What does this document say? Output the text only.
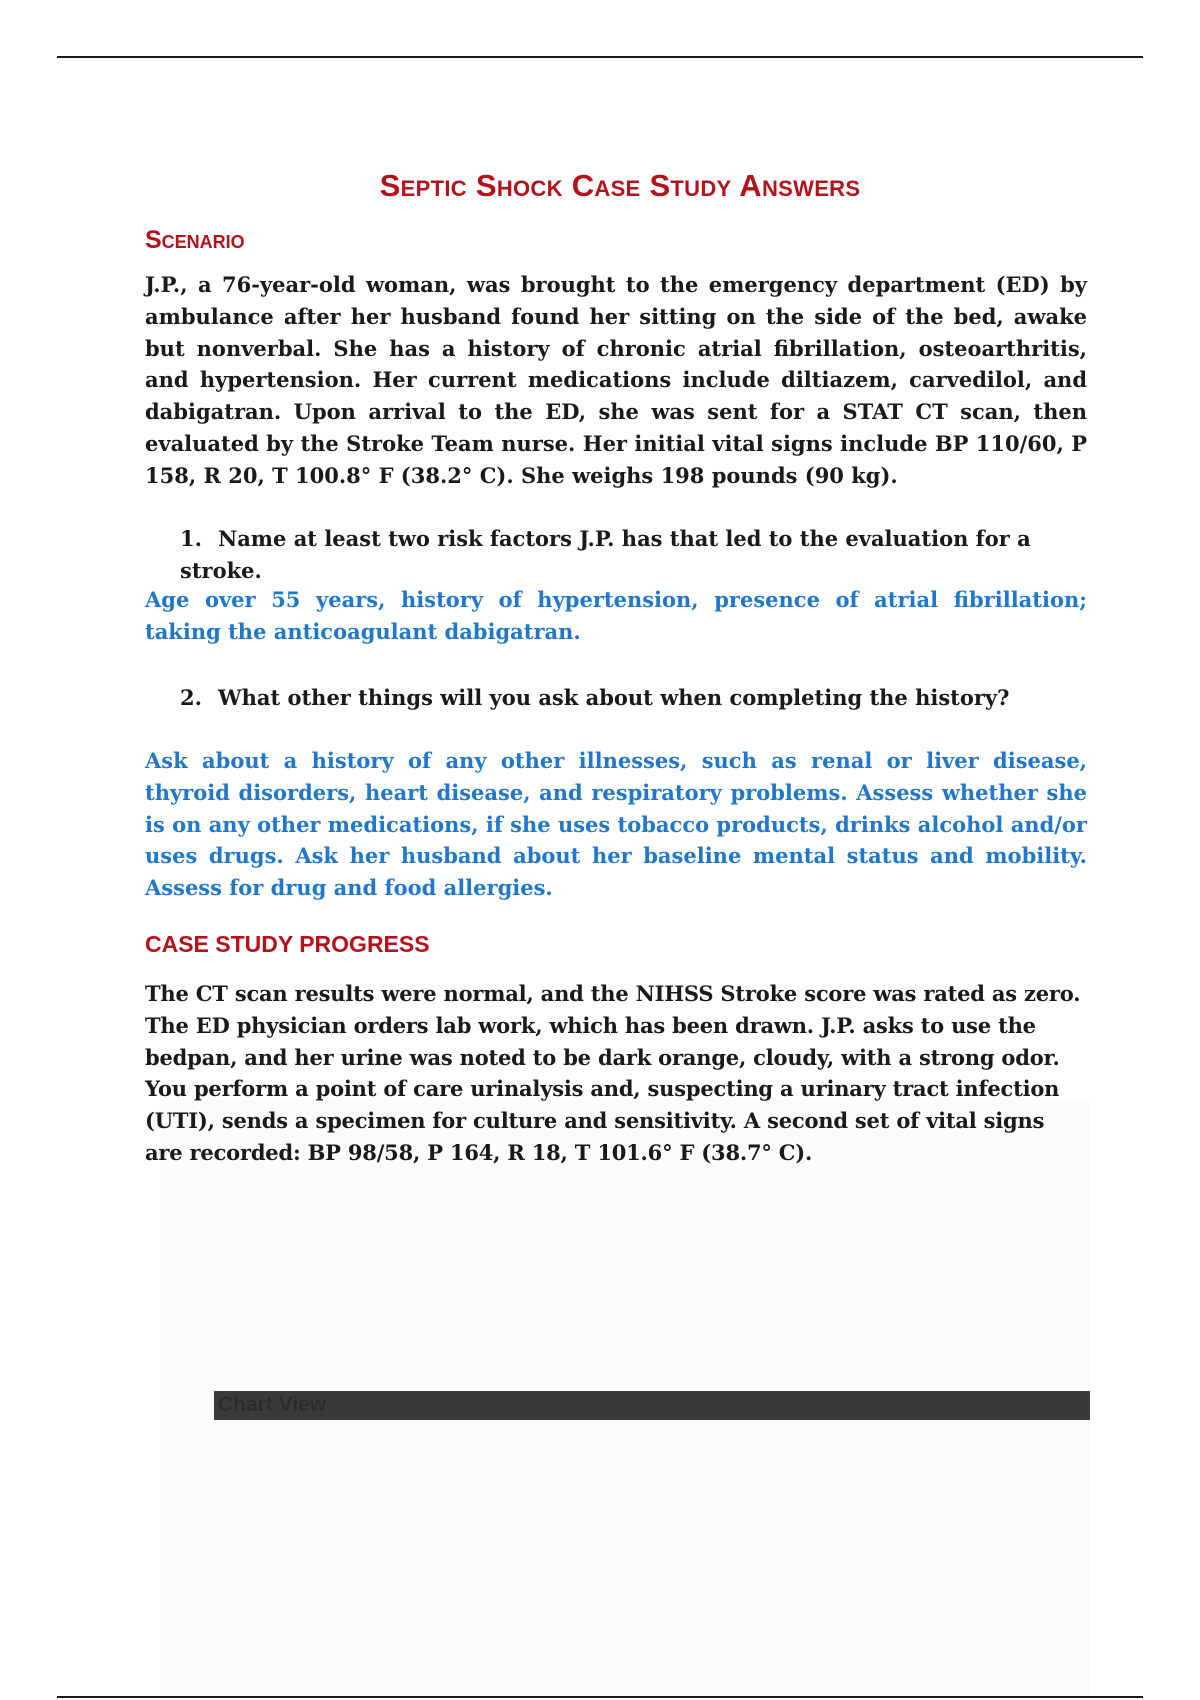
Septic Shock Case Study Answers
Scenario

J.P., a 76-year-old woman, was brought to the emergency department (ED) by ambulance after her husband found her sitting on the side of the bed, awake but nonverbal. She has a history of chronic atrial fibrillation, osteoarthritis, and hypertension. Her current medications include diltiazem, carvedilol, and dabigatran. Upon arrival to the ED, she was sent for a STAT CT scan, then evaluated by the Stroke Team nurse. Her initial vital signs include BP 110/60, P 158, R 20, T 100.8° F (38.2° C). She weighs 198 pounds (90 kg).

1. Name at least two risk factors J.P. has that led to the evaluation for a stroke.

Age over 55 years, history of hypertension, presence of atrial fibrillation; taking the anticoagulant dabigatran.

2. What other things will you ask about when completing the history?

Ask about a history of any other illnesses, such as renal or liver disease, thyroid disorders, heart disease, and respiratory problems. Assess whether she is on any other medications, if she uses tobacco products, drinks alcohol and/or uses drugs. Ask her husband about her baseline mental status and mobility. Assess for drug and food allergies.

CASE STUDY PROGRESS

The CT scan results were normal, and the NIHSS Stroke score was rated as zero. The ED physician orders lab work, which has been drawn. J.P. asks to use the bedpan, and her urine was noted to be dark orange, cloudy, with a strong odor. You perform a point of care urinalysis and, suspecting a urinary tract infection (UTI), sends a specimen for culture and sensitivity. A second set of vital signs are recorded: BP 98/58, P 164, R 18, T 101.6° F (38.7° C).

Chart View
